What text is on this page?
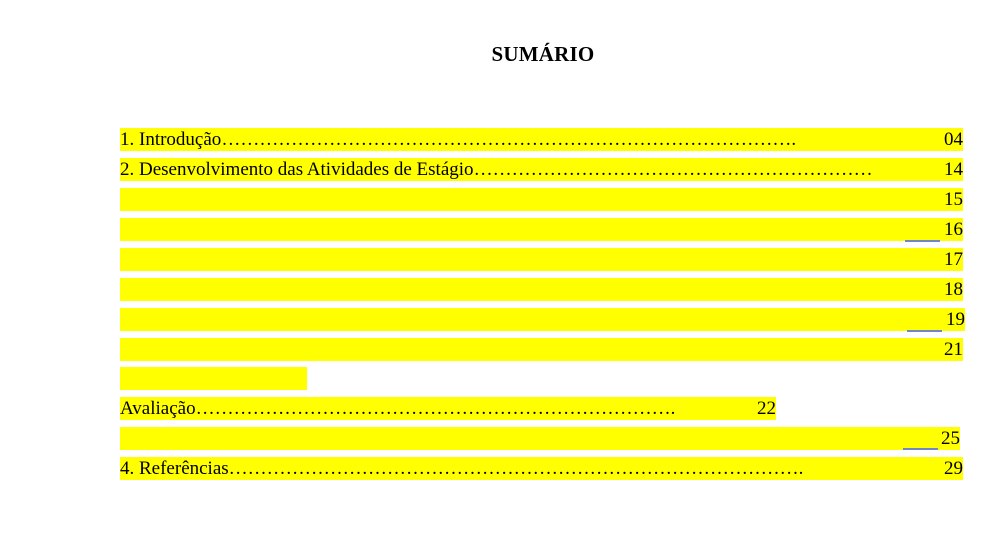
SUMÁRIO
1. Introdução……………………………………………………………………………….	04
2. Desenvolvimento das Atividades de Estágio………………………………………………………	14

15

16

17

18

19

21

Avaliação………………………………………………………………….	22

25

4. Referências……………………………………………………………………………….	29
